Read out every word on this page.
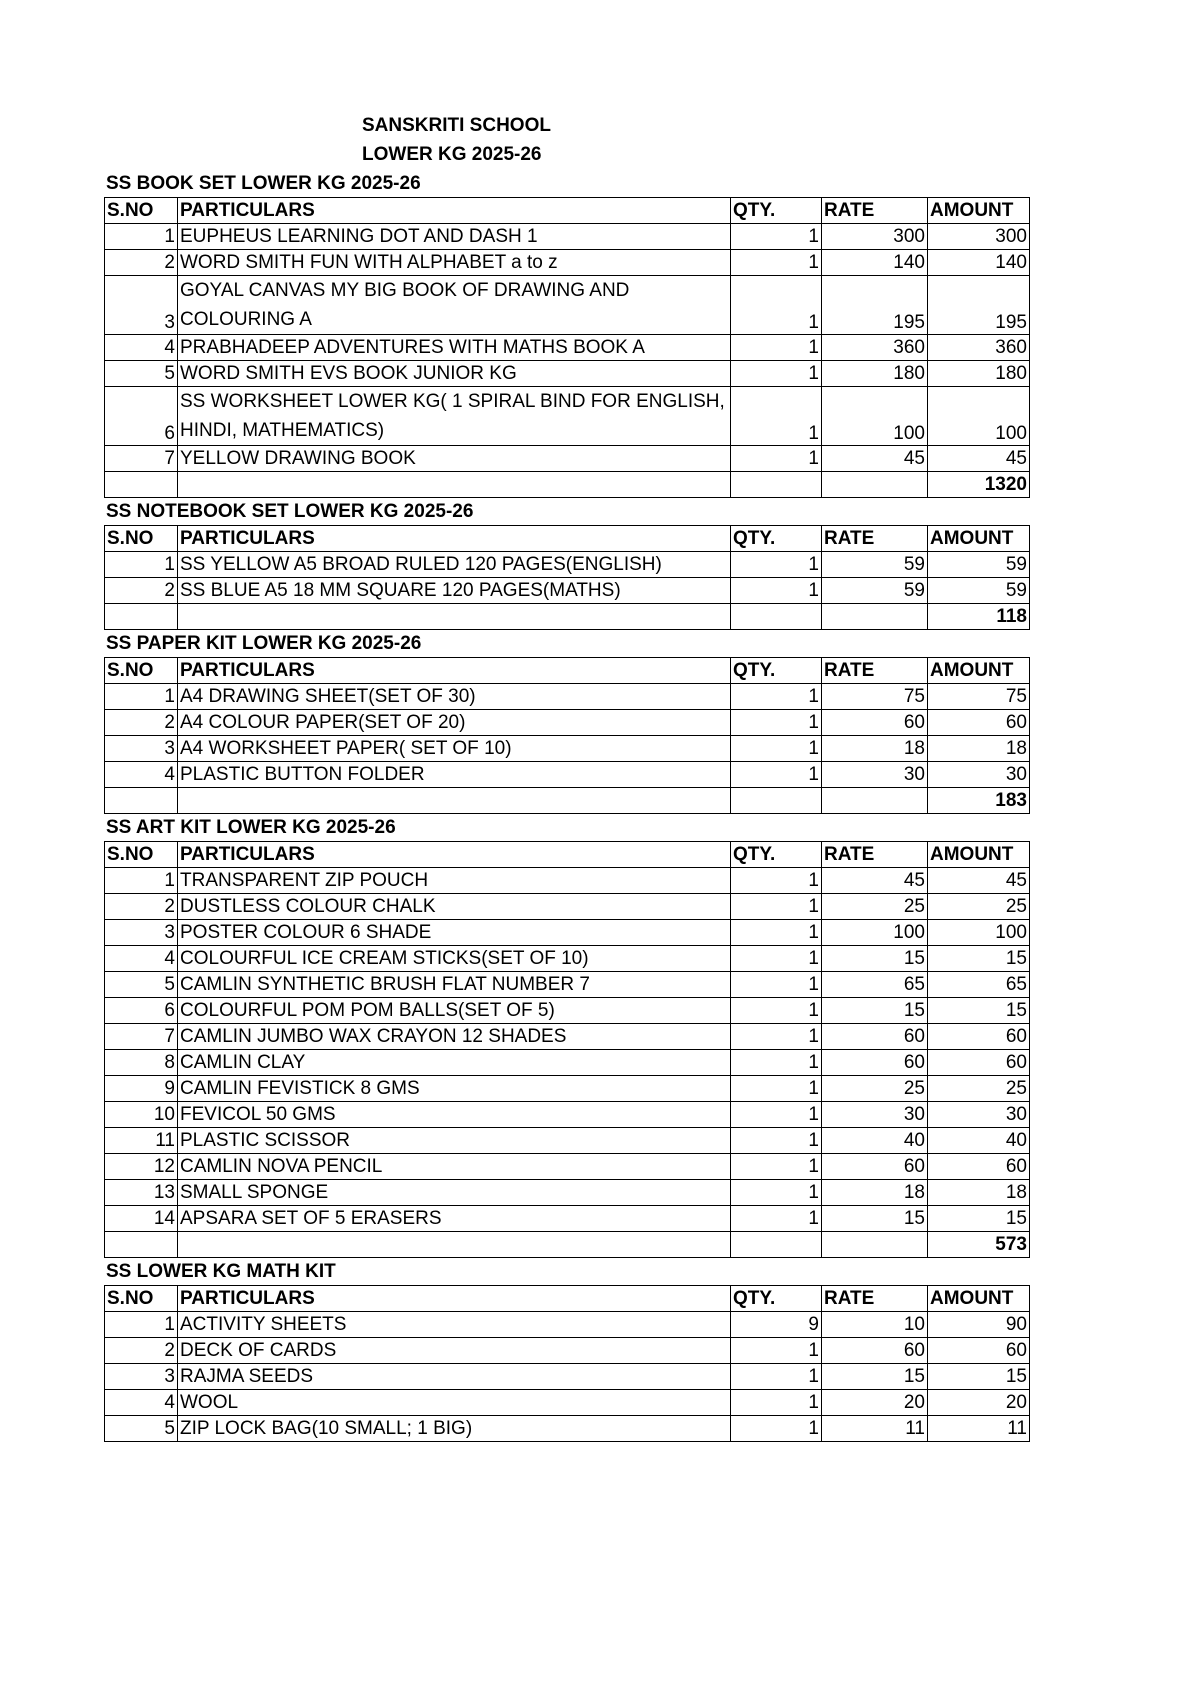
SANSKRITI SCHOOL
LOWER KG 2025-26
SS BOOK SET LOWER KG 2025-26
S.NO	PARTICULARS	QTY.	RATE	AMOUNT
1	EUPHEUS LEARNING DOT AND DASH 1	1	300	300
2	WORD SMITH FUN WITH ALPHABET a to z	1	140	140
3	GOYAL CANVAS MY BIG BOOK OF DRAWING AND COLOURING A	1	195	195
4	PRABHADEEP ADVENTURES WITH MATHS BOOK A	1	360	360
5	WORD SMITH EVS BOOK JUNIOR KG	1	180	180
6	SS WORKSHEET LOWER KG( 1 SPIRAL BIND FOR ENGLISH, HINDI, MATHEMATICS)	1	100	100
7	YELLOW DRAWING BOOK	1	45	45
				1320
SS NOTEBOOK SET LOWER KG 2025-26
S.NO	PARTICULARS	QTY.	RATE	AMOUNT
1	SS YELLOW A5 BROAD RULED 120 PAGES(ENGLISH)	1	59	59
2	SS BLUE A5 18 MM SQUARE 120 PAGES(MATHS)	1	59	59
				118
SS PAPER KIT LOWER KG 2025-26
S.NO	PARTICULARS	QTY.	RATE	AMOUNT
1	A4 DRAWING SHEET(SET OF 30)	1	75	75
2	A4 COLOUR PAPER(SET OF 20)	1	60	60
3	A4 WORKSHEET PAPER( SET OF 10)	1	18	18
4	PLASTIC BUTTON FOLDER	1	30	30
				183
SS ART KIT LOWER KG 2025-26
S.NO	PARTICULARS	QTY.	RATE	AMOUNT
1	TRANSPARENT ZIP POUCH	1	45	45
2	DUSTLESS COLOUR CHALK	1	25	25
3	POSTER COLOUR 6 SHADE	1	100	100
4	COLOURFUL ICE CREAM STICKS(SET OF 10)	1	15	15
5	CAMLIN SYNTHETIC BRUSH FLAT NUMBER 7	1	65	65
6	COLOURFUL POM POM BALLS(SET OF 5)	1	15	15
7	CAMLIN JUMBO WAX CRAYON 12 SHADES	1	60	60
8	CAMLIN CLAY	1	60	60
9	CAMLIN FEVISTICK 8 GMS	1	25	25
10	FEVICOL 50 GMS	1	30	30
11	PLASTIC SCISSOR	1	40	40
12	CAMLIN NOVA PENCIL	1	60	60
13	SMALL SPONGE	1	18	18
14	APSARA SET OF 5 ERASERS	1	15	15
				573
SS LOWER KG MATH KIT
S.NO	PARTICULARS	QTY.	RATE	AMOUNT
1	ACTIVITY SHEETS	9	10	90
2	DECK OF CARDS	1	60	60
3	RAJMA SEEDS	1	15	15
4	WOOL	1	20	20
5	ZIP LOCK BAG(10 SMALL; 1 BIG)	1	11	11
